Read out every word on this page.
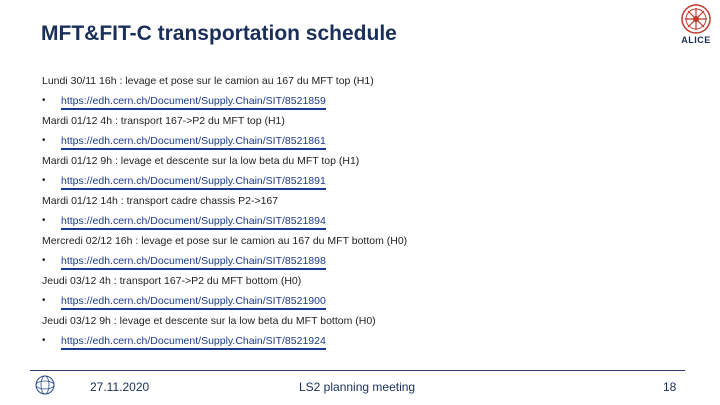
MFT&FIT-C transportation schedule	ALICE
Lundi 30/11 16h : levage et pose sur le camion au 167 du MFT top (H1)
• https://edh.cern.ch/Document/Supply.Chain/SIT/8521859
Mardi 01/12 4h : transport 167->P2 du MFT top (H1)
• https://edh.cern.ch/Document/Supply.Chain/SIT/8521861
Mardi 01/12 9h : levage et descente sur la low beta du MFT top (H1)
• https://edh.cern.ch/Document/Supply.Chain/SIT/8521891
Mardi 01/12 14h : transport cadre chassis P2->167
• https://edh.cern.ch/Document/Supply.Chain/SIT/8521894
Mercredi 02/12 16h : levage et pose sur le camion au 167 du MFT bottom (H0)
• https://edh.cern.ch/Document/Supply.Chain/SIT/8521898
Jeudi 03/12 4h : transport 167->P2 du MFT bottom (H0)
• https://edh.cern.ch/Document/Supply.Chain/SIT/8521900
Jeudi 03/12 9h : levage et descente sur la low beta du MFT bottom (H0)
• https://edh.cern.ch/Document/Supply.Chain/SIT/8521924
27.11.2020	LS2 planning meeting	18
